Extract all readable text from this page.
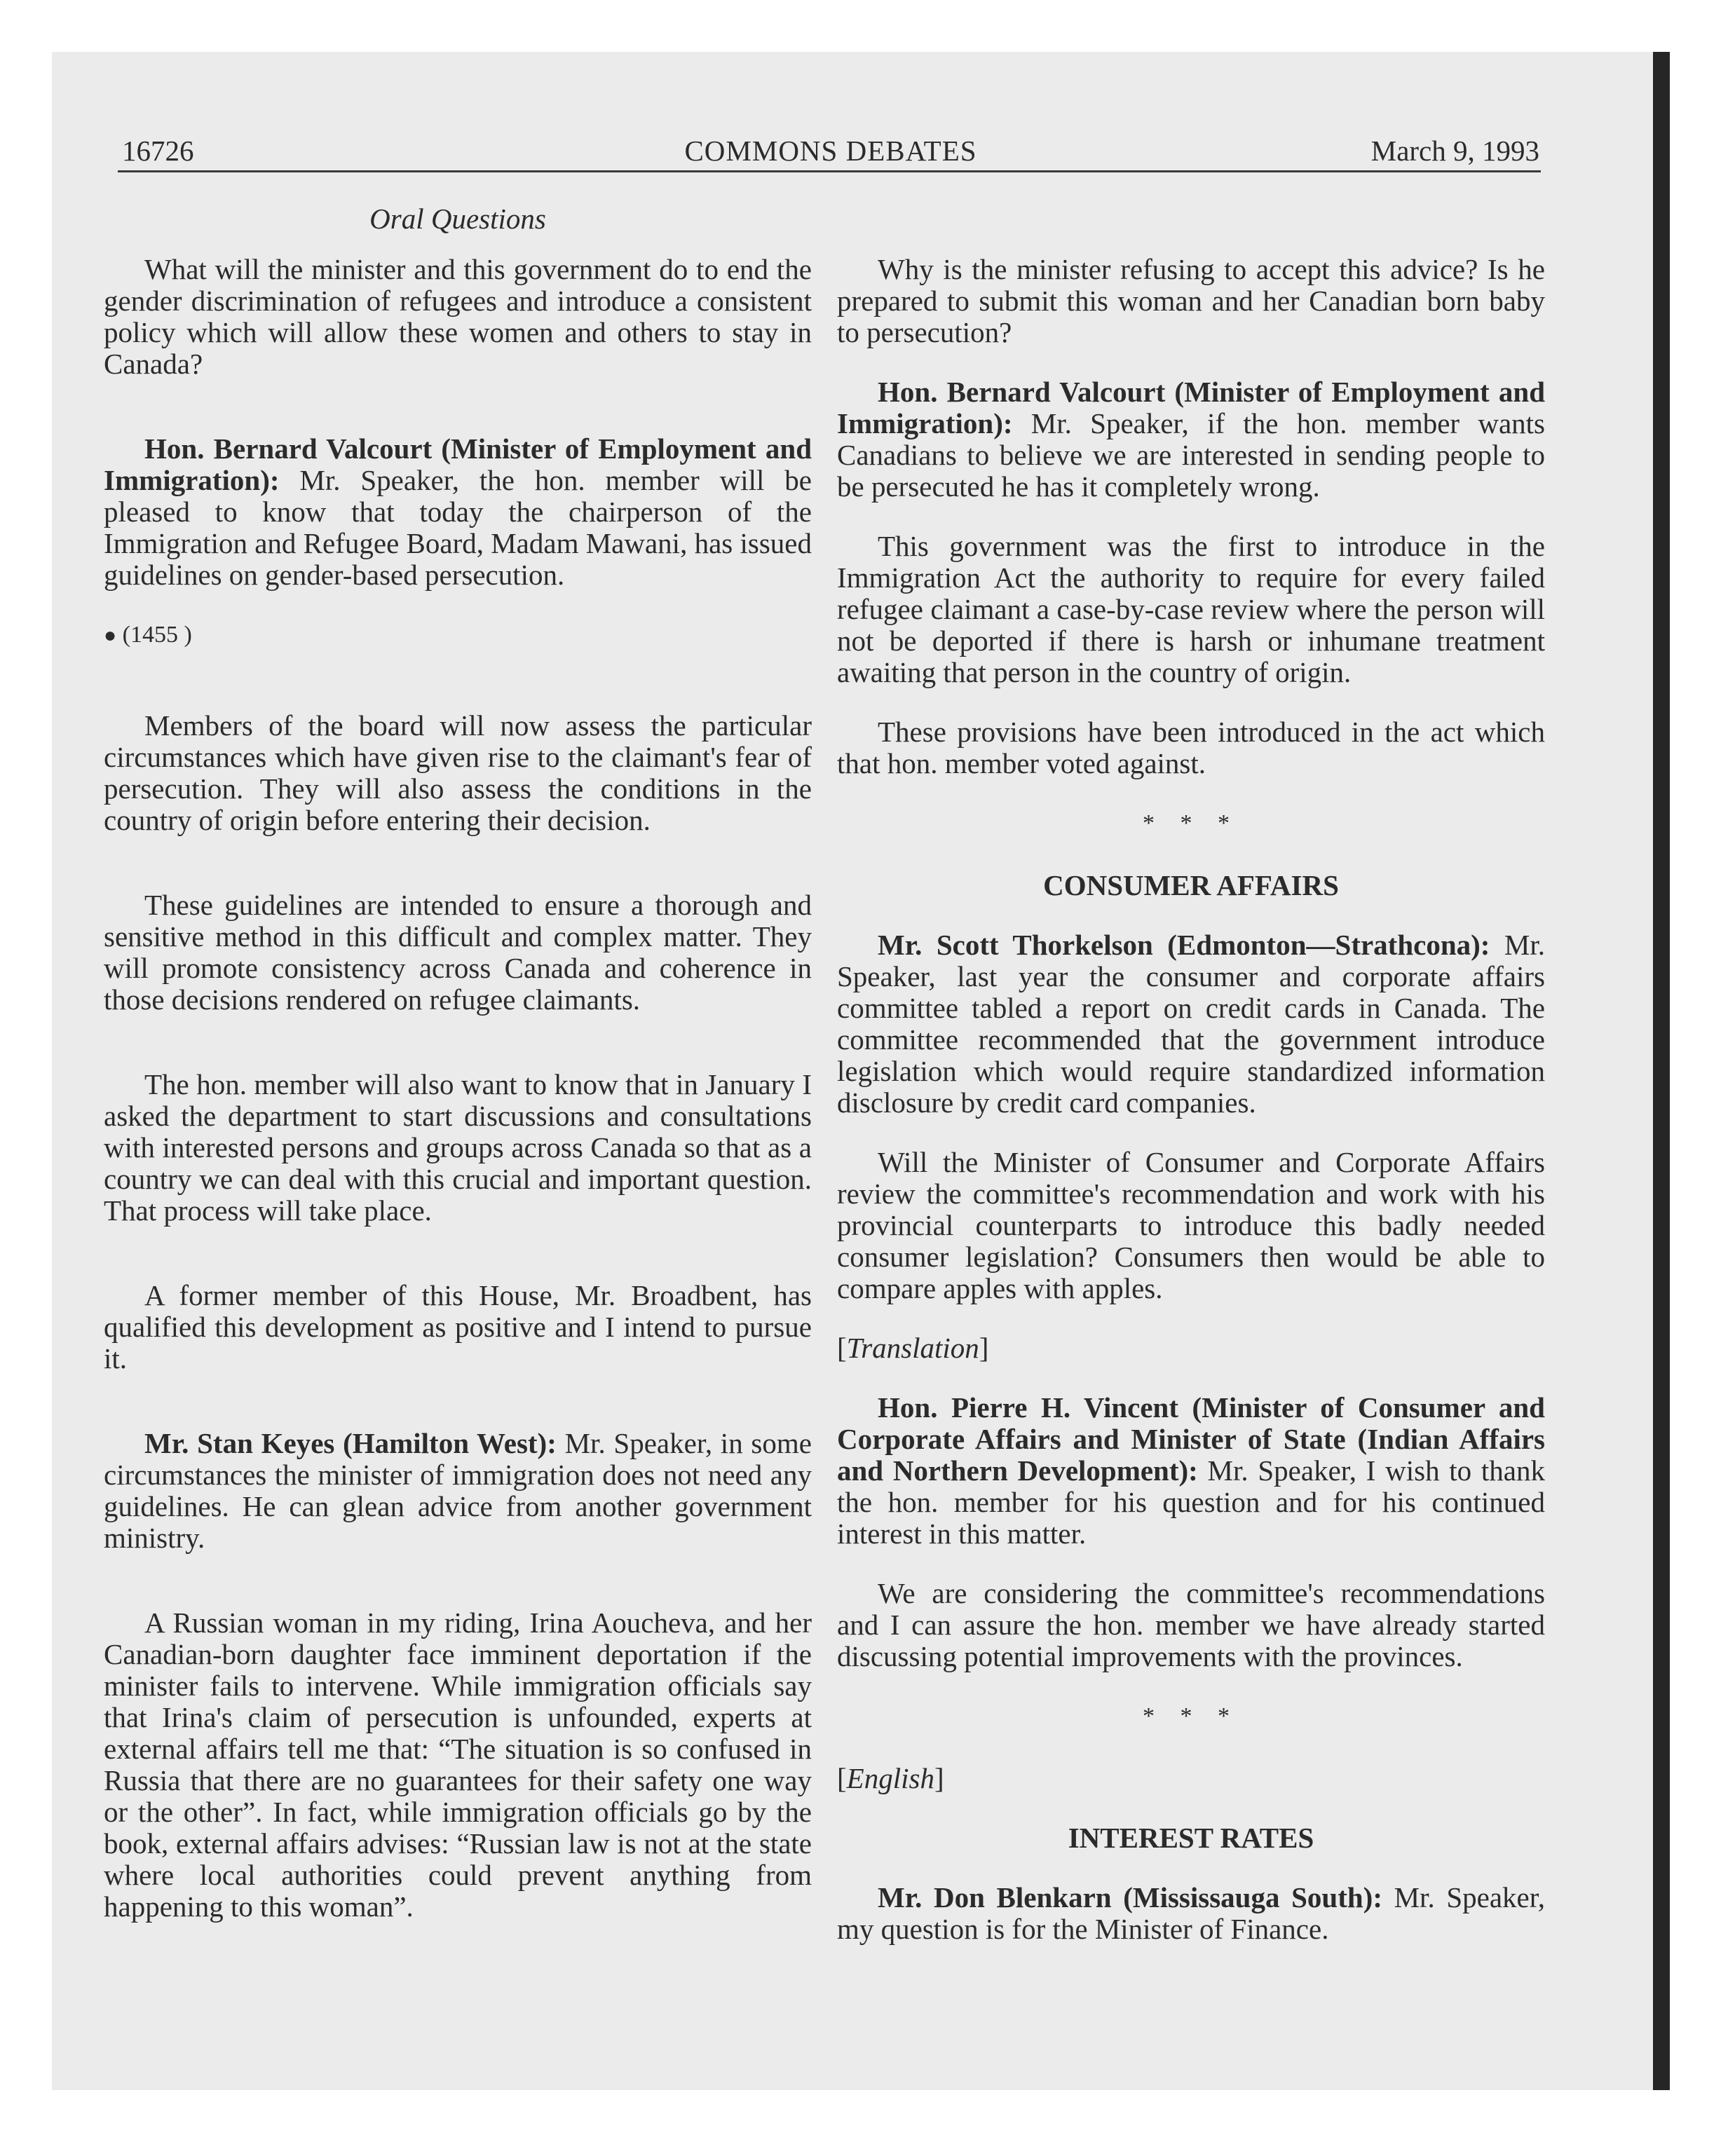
16726	COMMONS DEBATES	March 9, 1993
Oral Questions

What will the minister and this government do to end the gender discrimination of refugees and introduce a consistent policy which will allow these women and others to stay in Canada?

Hon. Bernard Valcourt (Minister of Employment and Immigration): Mr. Speaker, the hon. member will be pleased to know that today the chairperson of the Immigration and Refugee Board, Madam Mawani, has issued guidelines on gender-based persecution.

● (1455 )

Members of the board will now assess the particular circumstances which have given rise to the claimant's fear of persecution. They will also assess the conditions in the country of origin before entering their decision.

These guidelines are intended to ensure a thorough and sensitive method in this difficult and complex matter. They will promote consistency across Canada and coherence in those decisions rendered on refugee claimants.

The hon. member will also want to know that in January I asked the department to start discussions and consultations with interested persons and groups across Canada so that as a country we can deal with this crucial and important question. That process will take place.

A former member of this House, Mr. Broadbent, has qualified this development as positive and I intend to pursue it.

Mr. Stan Keyes (Hamilton West): Mr. Speaker, in some circumstances the minister of immigration does not need any guidelines. He can glean advice from another government ministry.

A Russian woman in my riding, Irina Aoucheva, and her Canadian-born daughter face imminent deportation if the minister fails to intervene. While immigration officials say that Irina's claim of persecution is unfounded, experts at external affairs tell me that: “The situation is so confused in Russia that there are no guarantees for their safety one way or the other”. In fact, while immigration officials go by the book, external affairs advises: “Russian law is not at the state where local authorities could prevent anything from happening to this woman”.

Why is the minister refusing to accept this advice? Is he prepared to submit this woman and her Canadian born baby to persecution?

Hon. Bernard Valcourt (Minister of Employment and Immigration): Mr. Speaker, if the hon. member wants Canadians to believe we are interested in sending people to be persecuted he has it completely wrong.

This government was the first to introduce in the Immigration Act the authority to require for every failed refugee claimant a case-by-case review where the person will not be deported if there is harsh or inhumane treatment awaiting that person in the country of origin.

These provisions have been introduced in the act which that hon. member voted against.

* * *
CONSUMER AFFAIRS

Mr. Scott Thorkelson (Edmonton—Strathcona): Mr. Speaker, last year the consumer and corporate affairs committee tabled a report on credit cards in Canada. The committee recommended that the government introduce legislation which would require standardized information disclosure by credit card companies.

Will the Minister of Consumer and Corporate Affairs review the committee's recommendation and work with his provincial counterparts to introduce this badly needed consumer legislation? Consumers then would be able to compare apples with apples.

[Translation]

Hon. Pierre H. Vincent (Minister of Consumer and Corporate Affairs and Minister of State (Indian Affairs and Northern Development): Mr. Speaker, I wish to thank the hon. member for his question and for his continued interest in this matter.

We are considering the committee's recommendations and I can assure the hon. member we have already started discussing potential improvements with the provinces.

* * *
[English]
INTEREST RATES

Mr. Don Blenkarn (Mississauga South): Mr. Speaker, my question is for the Minister of Finance.
